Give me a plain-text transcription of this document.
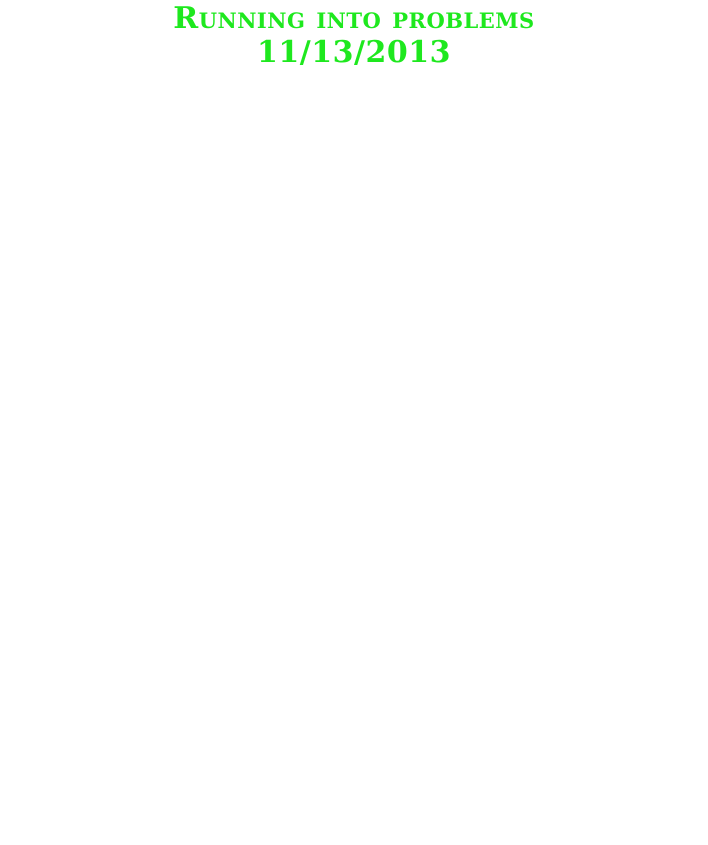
Running into problems
11/13/2013
